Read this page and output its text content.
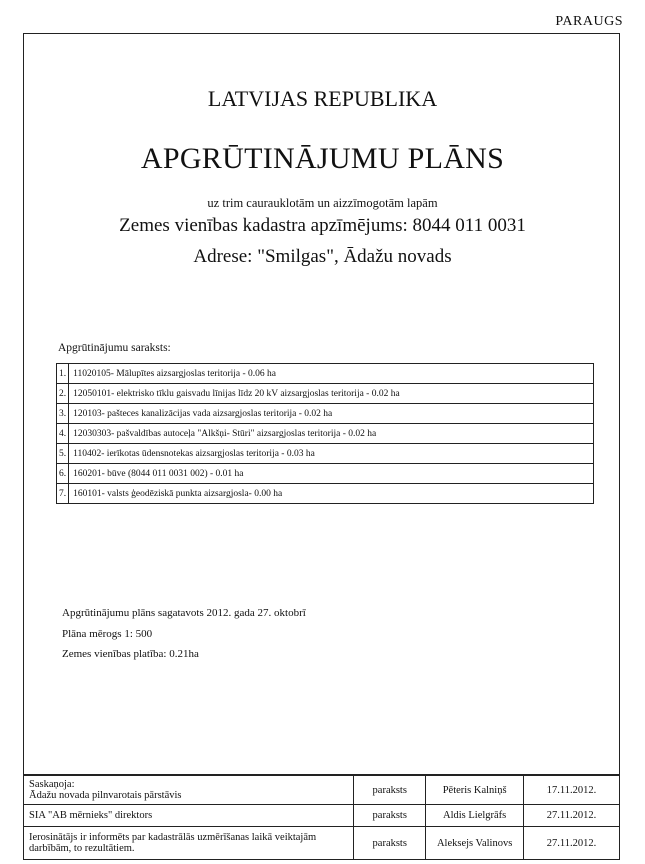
PARAUGS
LATVIJAS REPUBLIKA
APGRŪTINĀJUMU PLĀNS
uz trim caurauklotām un aizzīmogotām lapām
Zemes vienības kadastra apzīmējums: 8044 011 0031
Adrese: "Smilgas", Ādažu novads
Apgrūtinājumu saraksts:
1.	11020105- Mālupītes aizsargjoslas teritorija - 0.06 ha
2.	12050101- elektrisko tīklu gaisvadu līnijas līdz 20 kV aizsargjoslas teritorija - 0.02 ha
3.	120103- pašteces kanalizācijas vada aizsargjoslas teritorija - 0.02 ha
4.	12030303- pašvaldības autoceļa "Alkšņi- Stūri" aizsargjoslas teritorija - 0.02 ha
5.	110402- ierīkotas ūdensnotekas aizsargjoslas teritorija - 0.03 ha
6.	160201- būve (8044 011 0031 002) - 0.01 ha
7.	160101- valsts ģeodēziskā punkta aizsargjosla- 0.00 ha
Apgrūtinājumu plāns sagatavots 2012. gada 27. oktobrī
Plāna mērogs 1: 500
Zemes vienības platība: 0.21ha
Saskaņoja:
Ādažu novada pilnvarotais pārstāvis	paraksts	Pēteris Kalniņš	17.11.2012.

SIA "AB mērnieks" direktors	paraksts	Aldis Lielgrāfs	27.11.2012.

Ierosinātājs ir informēts par kadastrālās uzmērīšanas laikā veiktajām
darbībām, to rezultātiem.	paraksts	Aleksejs Valinovs	27.11.2012.
